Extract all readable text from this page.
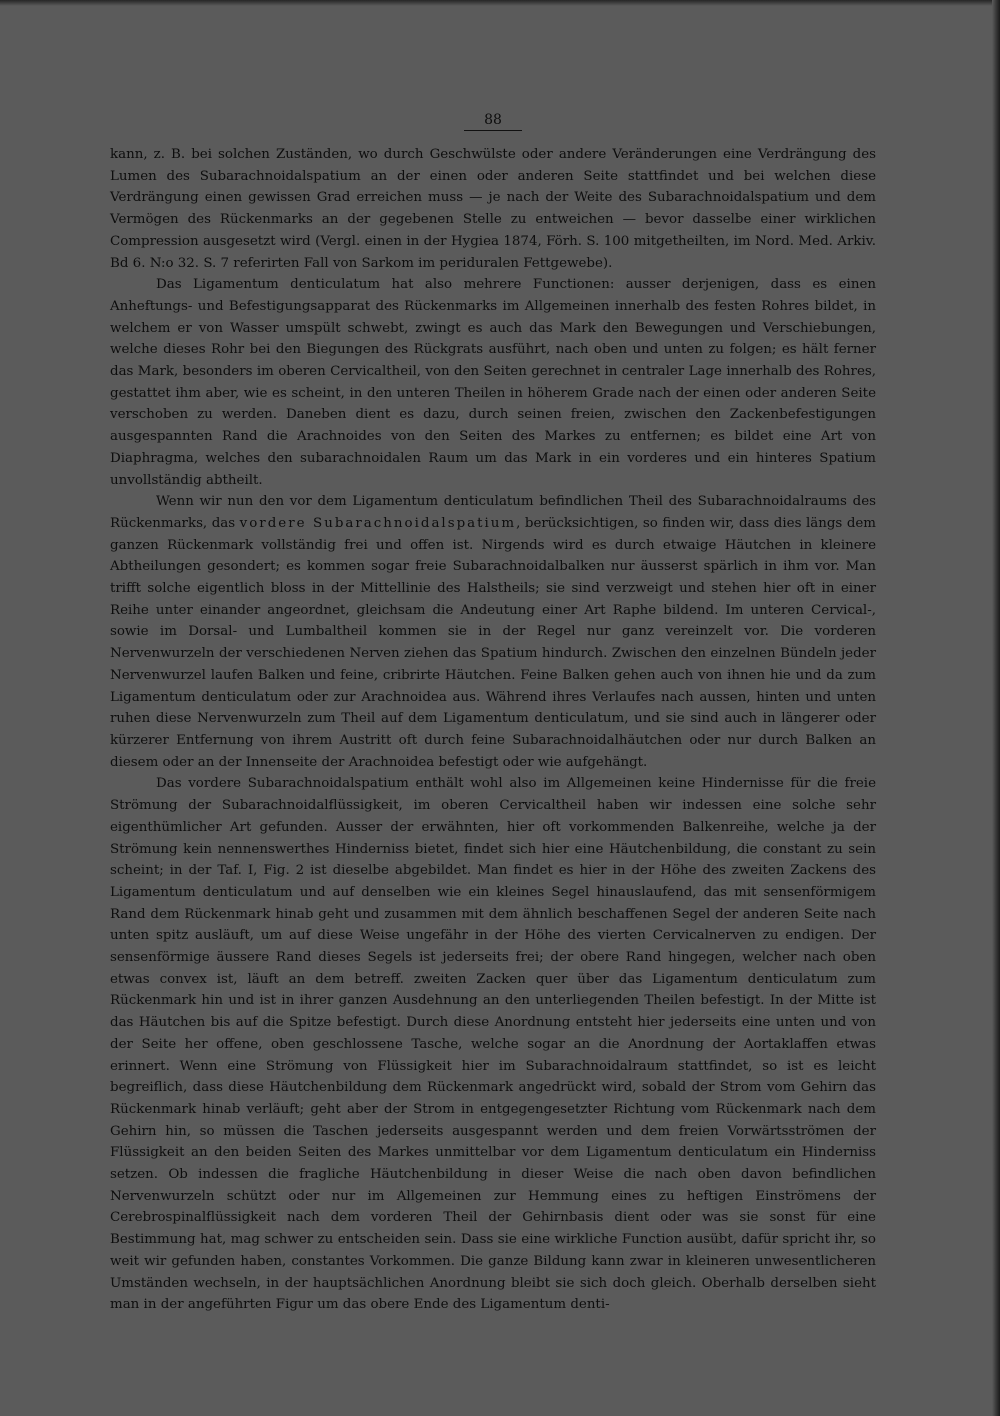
88

kann, z. B. bei solchen Zuständen, wo durch Geschwülste oder andere Veränderungen eine Verdrängung des Lumen des Subarachnoidalspatium an der einen oder anderen Seite stattfindet und bei welchen diese Verdrängung einen gewissen Grad erreichen muss — je nach der Weite des Subarachnoidalspatium und dem Vermögen des Rückenmarks an der gegebenen Stelle zu entweichen — bevor dasselbe einer wirklichen Compression ausgesetzt wird (Vergl. einen in der Hygiea 1874, Förh. S. 100 mitgetheilten, im Nord. Med. Arkiv. Bd 6. N:o 32. S. 7 referirten Fall von Sarkom im periduralen Fettgewebe).

Das Ligamentum denticulatum hat also mehrere Functionen: ausser derjenigen, dass es einen Anheftungs- und Befestigungsapparat des Rückenmarks im Allgemeinen innerhalb des festen Rohres bildet, in welchem er von Wasser umspült schwebt, zwingt es auch das Mark den Bewegungen und Verschiebungen, welche dieses Rohr bei den Biegungen des Rückgrats ausführt, nach oben und unten zu folgen; es hält ferner das Mark, besonders im oberen Cervicaltheil, von den Seiten gerechnet in centraler Lage innerhalb des Rohres, gestattet ihm aber, wie es scheint, in den unteren Theilen in höherem Grade nach der einen oder anderen Seite verschoben zu werden. Daneben dient es dazu, durch seinen freien, zwischen den Zackenbefestigungen ausgespannten Rand die Arachnoides von den Seiten des Markes zu entfernen; es bildet eine Art von Diaphragma, welches den subarachnoidalen Raum um das Mark in ein vorderes und ein hinteres Spatium unvollständig abtheilt.

Wenn wir nun den vor dem Ligamentum denticulatum befindlichen Theil des Subarachnoidalraums des Rückenmarks, das vordere Subarachnoidalspatium, berücksichtigen, so finden wir, dass dies längs dem ganzen Rückenmark vollständig frei und offen ist. Nirgends wird es durch etwaige Häutchen in kleinere Abtheilungen gesondert; es kommen sogar freie Subarachnoidalbalken nur äusserst spärlich in ihm vor. Man trifft solche eigentlich bloss in der Mittellinie des Halstheils; sie sind verzweigt und stehen hier oft in einer Reihe unter einander angeordnet, gleichsam die Andeutung einer Art Raphe bildend. Im unteren Cervical-, sowie im Dorsal- und Lumbaltheil kommen sie in der Regel nur ganz vereinzelt vor. Die vorderen Nervenwurzeln der verschiedenen Nerven ziehen das Spatium hindurch. Zwischen den einzelnen Bündeln jeder Nervenwurzel laufen Balken und feine, cribrirte Häutchen. Feine Balken gehen auch von ihnen hie und da zum Ligamentum denticulatum oder zur Arachnoidea aus. Während ihres Verlaufes nach aussen, hinten und unten ruhen diese Nervenwurzeln zum Theil auf dem Ligamentum denticulatum, und sie sind auch in längerer oder kürzerer Entfernung von ihrem Austritt oft durch feine Subarachnoidalhäutchen oder nur durch Balken an diesem oder an der Innenseite der Arachnoidea befestigt oder wie aufgehängt.

Das vordere Subarachnoidalspatium enthält wohl also im Allgemeinen keine Hindernisse für die freie Strömung der Subarachnoidalflüssigkeit, im oberen Cervicaltheil haben wir indessen eine solche sehr eigenthümlicher Art gefunden. Ausser der erwähnten, hier oft vorkommenden Balkenreihe, welche ja der Strömung kein nennenswerthes Hinderniss bietet, findet sich hier eine Häutchenbildung, die constant zu sein scheint; in der Taf. I, Fig. 2 ist dieselbe abgebildet. Man findet es hier in der Höhe des zweiten Zackens des Ligamentum denticulatum und auf denselben wie ein kleines Segel hinauslaufend, das mit sensenförmigem Rand dem Rückenmark hinab geht und zusammen mit dem ähnlich beschaffenen Segel der anderen Seite nach unten spitz ausläuft, um auf diese Weise ungefähr in der Höhe des vierten Cervicalnerven zu endigen. Der sensenförmige äussere Rand dieses Segels ist jederseits frei; der obere Rand hingegen, welcher nach oben etwas convex ist, läuft an dem betreff. zweiten Zacken quer über das Ligamentum denticulatum zum Rückenmark hin und ist in ihrer ganzen Ausdehnung an den unterliegenden Theilen befestigt. In der Mitte ist das Häutchen bis auf die Spitze befestigt. Durch diese Anordnung entsteht hier jederseits eine unten und von der Seite her offene, oben geschlossene Tasche, welche sogar an die Anordnung der Aortaklaffen etwas erinnert. Wenn eine Strömung von Flüssigkeit hier im Subarachnoidalraum stattfindet, so ist es leicht begreiflich, dass diese Häutchenbildung dem Rückenmark angedrückt wird, sobald der Strom vom Gehirn das Rückenmark hinab verläuft; geht aber der Strom in entgegengesetzter Richtung vom Rückenmark nach dem Gehirn hin, so müssen die Taschen jederseits ausgespannt werden und dem freien Vorwärtsströmen der Flüssigkeit an den beiden Seiten des Markes unmittelbar vor dem Ligamentum denticulatum ein Hinderniss setzen. Ob indessen die fragliche Häutchenbildung in dieser Weise die nach oben davon befindlichen Nervenwurzeln schützt oder nur im Allgemeinen zur Hemmung eines zu heftigen Einströmens der Cerebrospinalflüssigkeit nach dem vorderen Theil der Gehirnbasis dient oder was sie sonst für eine Bestimmung hat, mag schwer zu entscheiden sein. Dass sie eine wirkliche Function ausübt, dafür spricht ihr, so weit wir gefunden haben, constantes Vorkommen. Die ganze Bildung kann zwar in kleineren unwesentlicheren Umständen wechseln, in der hauptsächlichen Anordnung bleibt sie sich doch gleich. Oberhalb derselben sieht man in der angeführten Figur um das obere Ende des Ligamentum denti-
